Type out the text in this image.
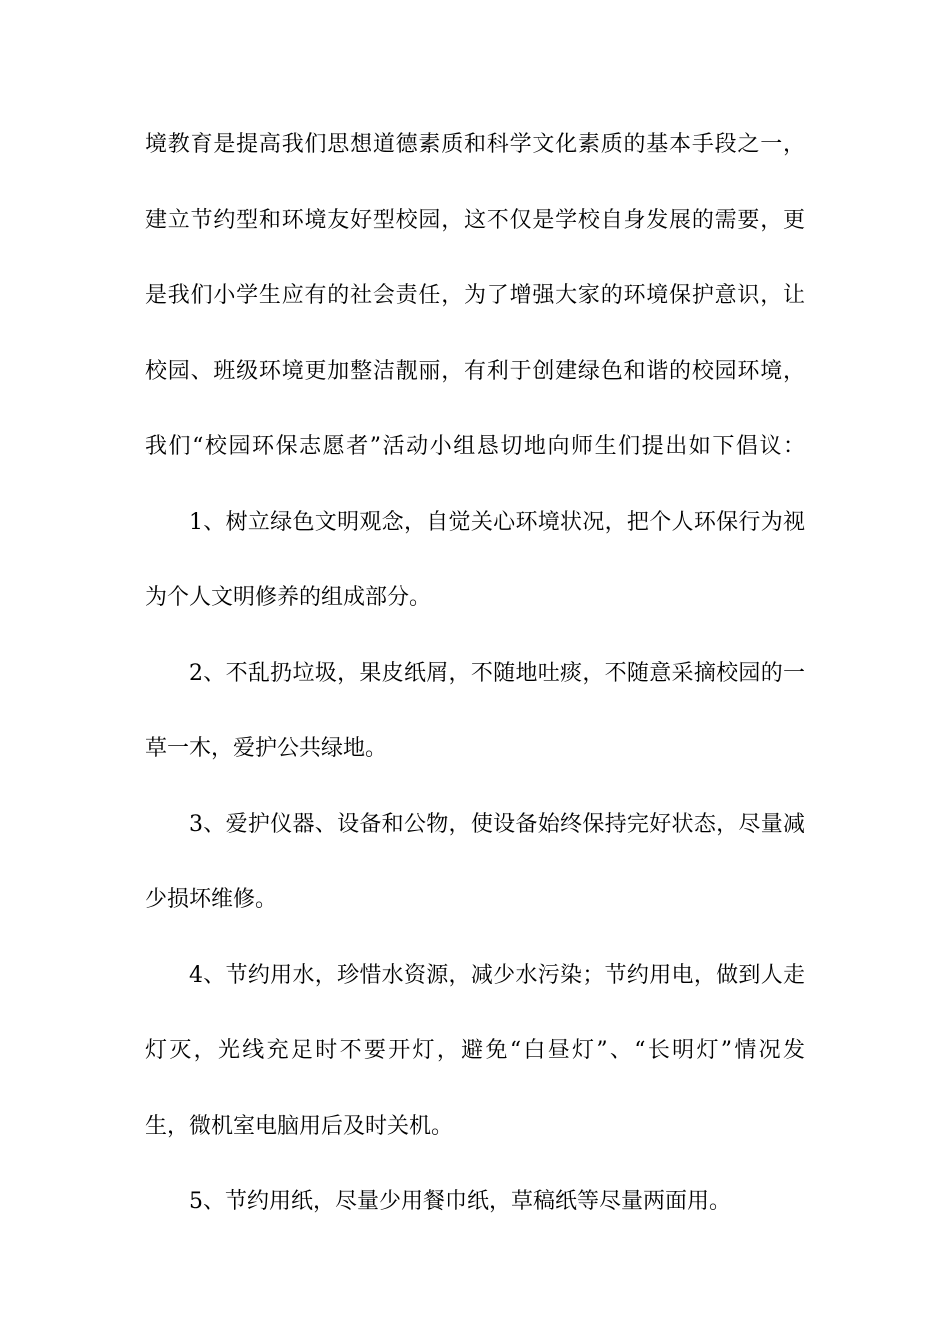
境教育是提高我们思想道德素质和科学文化素质的基本手段之一，
建立节约型和环境友好型校园，这不仅是学校自身发展的需要，更
是我们小学生应有的社会责任，为了增强大家的环境保护意识，让
校园、班级环境更加整洁靓丽，有利于创建绿色和谐的校园环境，
我们“校园环保志愿者”活动小组恳切地向师生们提出如下倡议：
1、树立绿色文明观念，自觉关心环境状况，把个人环保行为视
为个人文明修养的组成部分。
2、不乱扔垃圾，果皮纸屑，不随地吐痰，不随意采摘校园的一
草一木，爱护公共绿地。
3、爱护仪器、设备和公物，使设备始终保持完好状态，尽量减
少损坏维修。
4、节约用水，珍惜水资源，减少水污染；节约用电，做到人走
灯灭，光线充足时不要开灯，避免“白昼灯”、“长明灯”情况发
生，微机室电脑用后及时关机。
5、节约用纸，尽量少用餐巾纸，草稿纸等尽量两面用。
